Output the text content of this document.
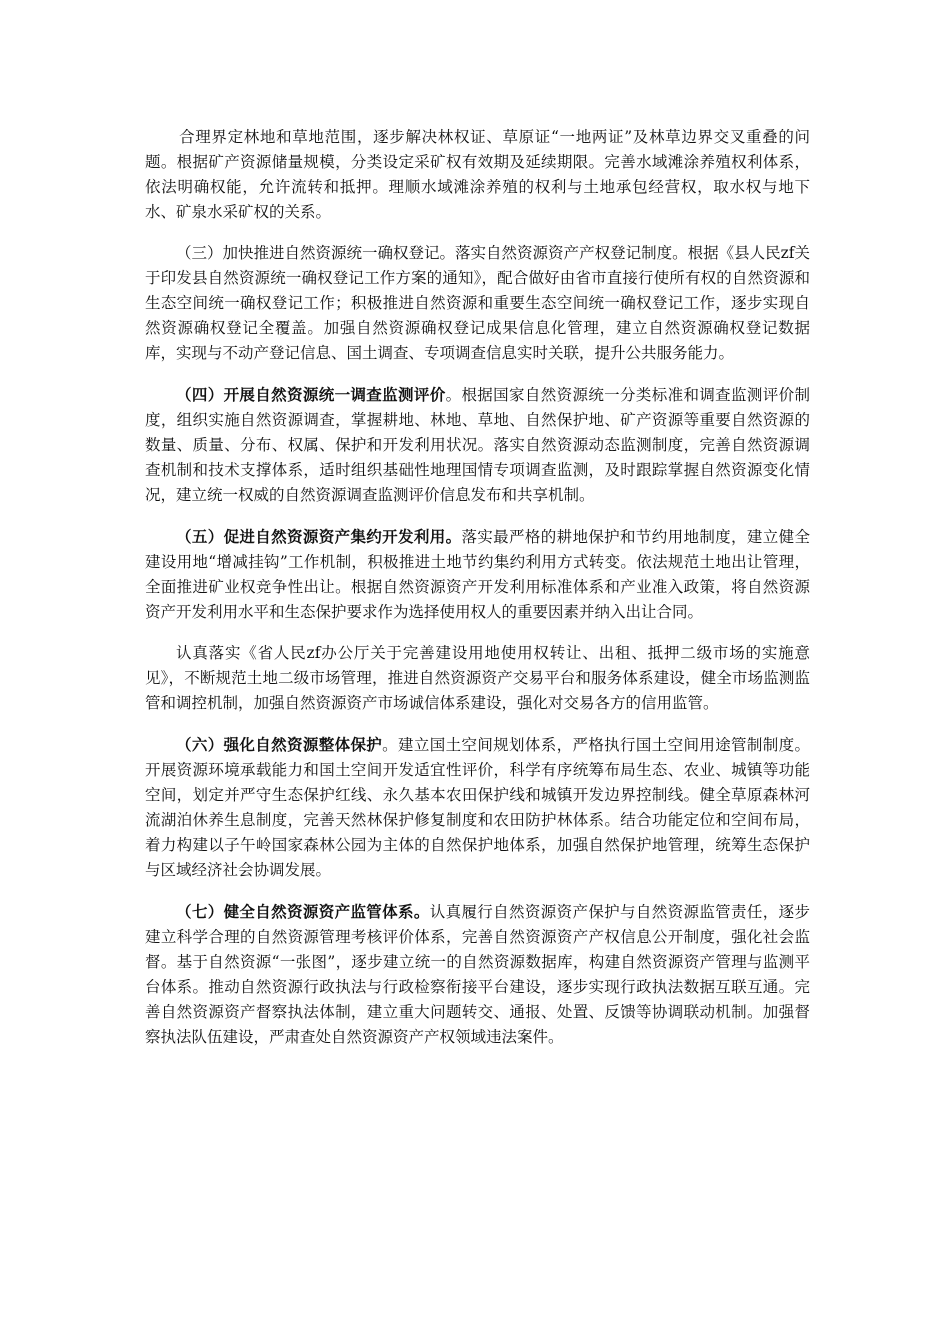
合理界定林地和草地范围，逐步解决林权证、草原证“一地两证”及林草边界交叉重叠的问题。根据矿产资源储量规模，分类设定采矿权有效期及延续期限。完善水域滩涂养殖权利体系，依法明确权能，允许流转和抵押。理顺水域滩涂养殖的权利与土地承包经营权，取水权与地下水、矿泉水采矿权的关系。

（三）加快推进自然资源统一确权登记。落实自然资源资产产权登记制度。根据《县人民zf关于印发县自然资源统一确权登记工作方案的通知》，配合做好由省市直接行使所有权的自然资源和生态空间统一确权登记工作；积极推进自然资源和重要生态空间统一确权登记工作，逐步实现自然资源确权登记全覆盖。加强自然资源确权登记成果信息化管理，建立自然资源确权登记数据库，实现与不动产登记信息、国土调查、专项调查信息实时关联，提升公共服务能力。

（四）开展自然资源统一调查监测评价。根据国家自然资源统一分类标准和调查监测评价制度，组织实施自然资源调查，掌握耕地、林地、草地、自然保护地、矿产资源等重要自然资源的数量、质量、分布、权属、保护和开发利用状况。落实自然资源动态监测制度，完善自然资源调查机制和技术支撑体系，适时组织基础性地理国情专项调查监测，及时跟踪掌握自然资源变化情况，建立统一权威的自然资源调查监测评价信息发布和共享机制。

（五）促进自然资源资产集约开发利用。落实最严格的耕地保护和节约用地制度，建立健全建设用地“增减挂钩”工作机制，积极推进土地节约集约利用方式转变。依法规范土地出让管理，全面推进矿业权竞争性出让。根据自然资源资产开发利用标准体系和产业准入政策，将自然资源资产开发利用水平和生态保护要求作为选择使用权人的重要因素并纳入出让合同。

认真落实《省人民zf办公厅关于完善建设用地使用权转让、出租、抵押二级市场的实施意见》，不断规范土地二级市场管理，推进自然资源资产交易平台和服务体系建设，健全市场监测监管和调控机制，加强自然资源资产市场诚信体系建设，强化对交易各方的信用监管。

（六）强化自然资源整体保护。建立国土空间规划体系，严格执行国土空间用途管制制度。开展资源环境承载能力和国土空间开发适宜性评价，科学有序统筹布局生态、农业、城镇等功能空间，划定并严守生态保护红线、永久基本农田保护线和城镇开发边界控制线。健全草原森林河流湖泊休养生息制度，完善天然林保护修复制度和农田防护林体系。结合功能定位和空间布局，着力构建以子午岭国家森林公园为主体的自然保护地体系，加强自然保护地管理，统筹生态保护与区域经济社会协调发展。

（七）健全自然资源资产监管体系。认真履行自然资源资产保护与自然资源监管责任，逐步建立科学合理的自然资源管理考核评价体系，完善自然资源资产产权信息公开制度，强化社会监督。基于自然资源“一张图”，逐步建立统一的自然资源数据库，构建自然资源资产管理与监测平台体系。推动自然资源行政执法与行政检察衔接平台建设，逐步实现行政执法数据互联互通。完善自然资源资产督察执法体制，建立重大问题转交、通报、处置、反馈等协调联动机制。加强督察执法队伍建设，严肃查处自然资源资产产权领域违法案件。
